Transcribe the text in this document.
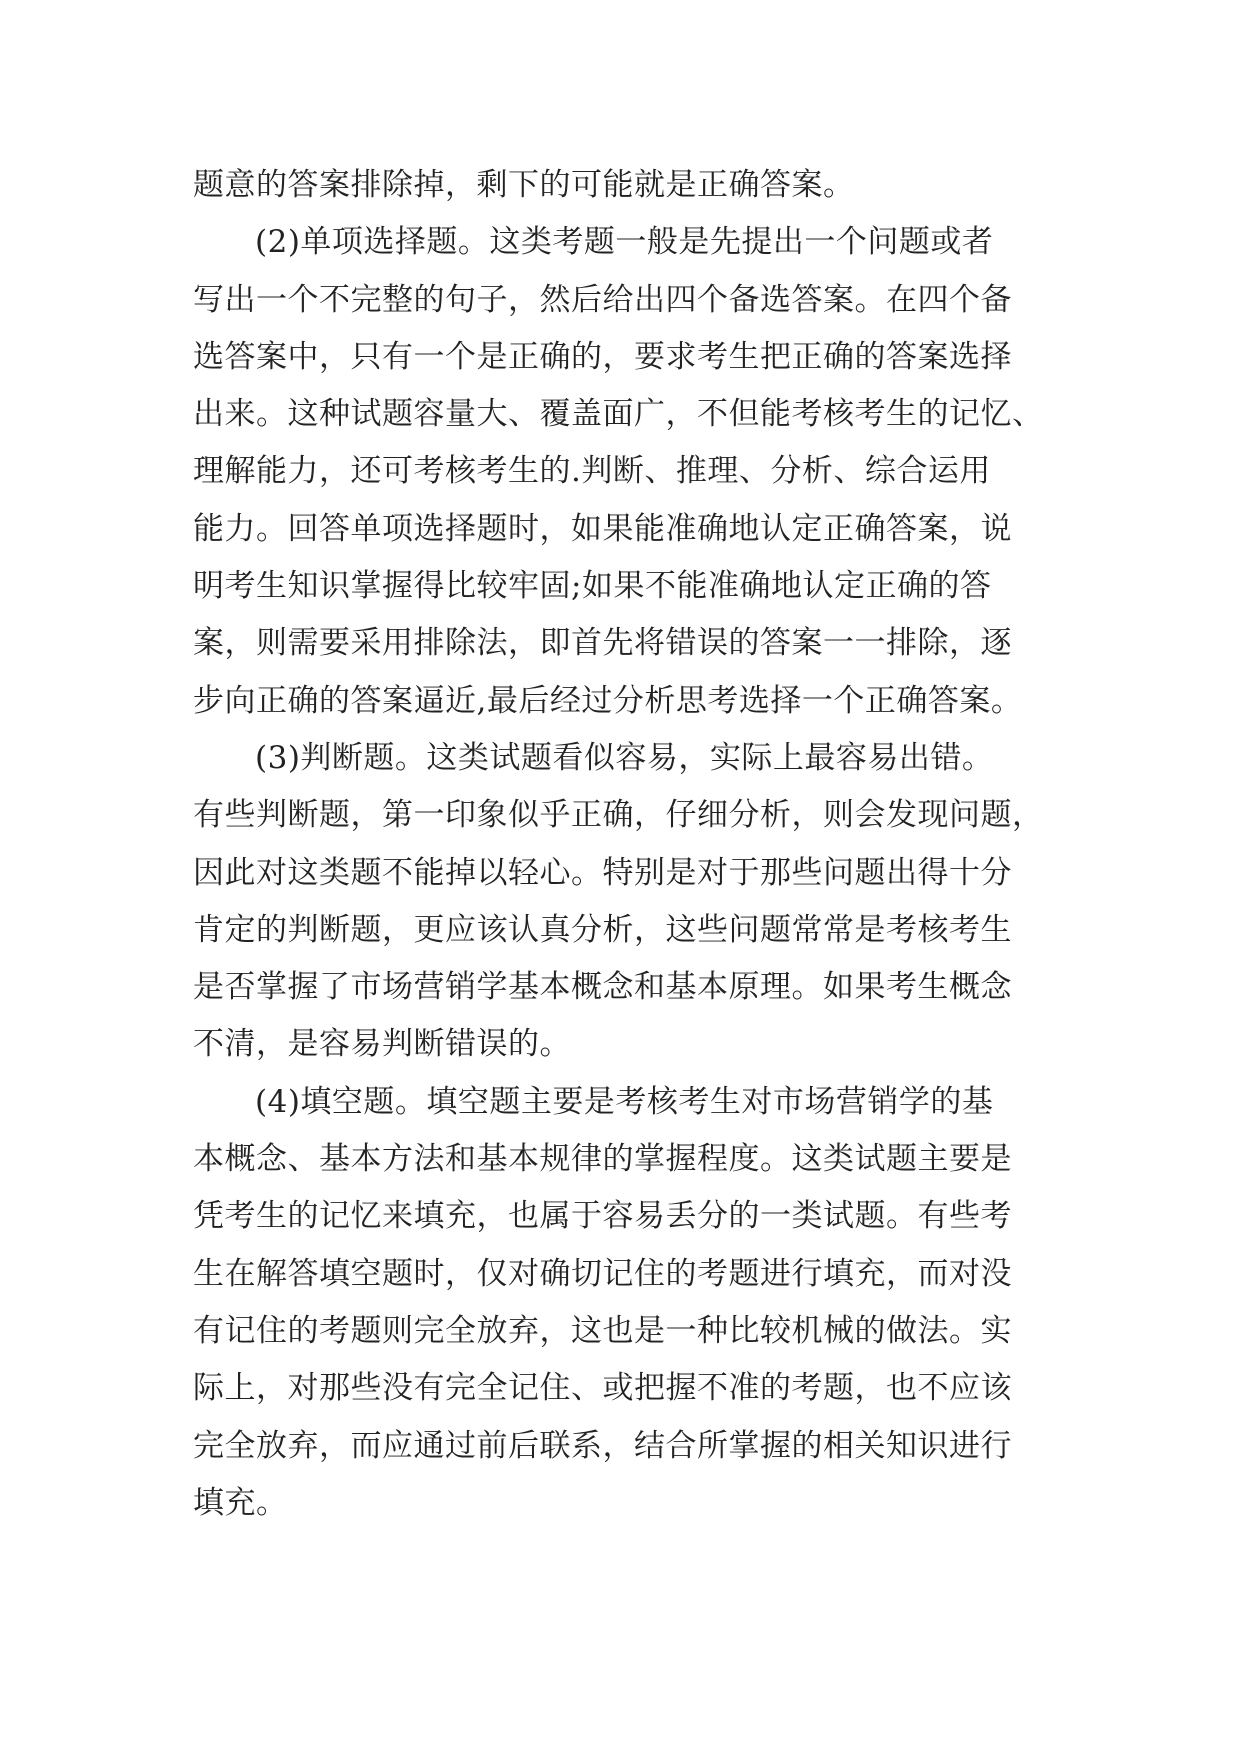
题意的答案排除掉，剩下的可能就是正确答案。
(2)单项选择题。这类考题一般是先提出一个问题或者
写出一个不完整的句子，然后给出四个备选答案。在四个备
选答案中，只有一个是正确的，要求考生把正确的答案选择
出来。这种试题容量大、覆盖面广，不但能考核考生的记忆、
理解能力，还可考核考生的.判断、推理、分析、综合运用
能力。回答单项选择题时，如果能准确地认定正确答案，说
明考生知识掌握得比较牢固;如果不能准确地认定正确的答
案，则需要采用排除法，即首先将错误的答案一一排除，逐
步向正确的答案逼近,最后经过分析思考选择一个正确答案。
(3)判断题。这类试题看似容易，实际上最容易出错。
有些判断题，第一印象似乎正确，仔细分析，则会发现问题，
因此对这类题不能掉以轻心。特别是对于那些问题出得十分
肯定的判断题，更应该认真分析，这些问题常常是考核考生
是否掌握了市场营销学基本概念和基本原理。如果考生概念
不清，是容易判断错误的。
(4)填空题。填空题主要是考核考生对市场营销学的基
本概念、基本方法和基本规律的掌握程度。这类试题主要是
凭考生的记忆来填充，也属于容易丢分的一类试题。有些考
生在解答填空题时，仅对确切记住的考题进行填充，而对没
有记住的考题则完全放弃，这也是一种比较机械的做法。实
际上，对那些没有完全记住、或把握不准的考题，也不应该
完全放弃，而应通过前后联系，结合所掌握的相关知识进行
填充。
